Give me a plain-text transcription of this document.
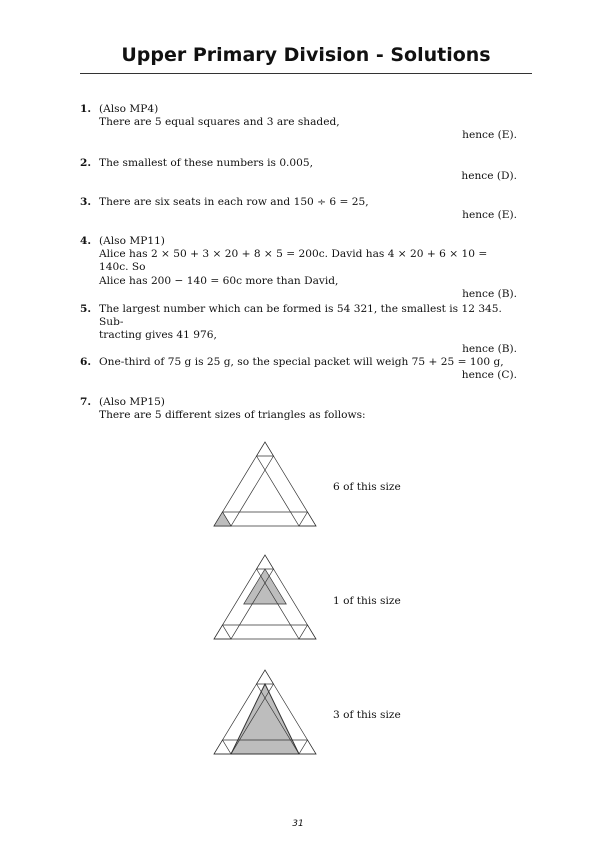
Upper Primary Division - Solutions
1. (Also MP4)
There are 5 equal squares and 3 are shaded,
hence (E).
2. The smallest of these numbers is 0.005,
hence (D).
3. There are six seats in each row and 150 ÷ 6 = 25,
hence (E).
4. (Also MP11)
Alice has 2 × 50 + 3 × 20 + 8 × 5 = 200c. David has 4 × 20 + 6 × 10 = 140c. So
Alice has 200 − 140 = 60c more than David,
hence (B).
5. The largest number which can be formed is 54 321, the smallest is 12 345. Sub-
tracting gives 41 976,
hence (B).
6. One-third of 75 g is 25 g, so the special packet will weigh 75 + 25 = 100 g,
hence (C).
7. (Also MP15)
There are 5 different sizes of triangles as follows:
6 of this size
1 of this size
3 of this size
31
